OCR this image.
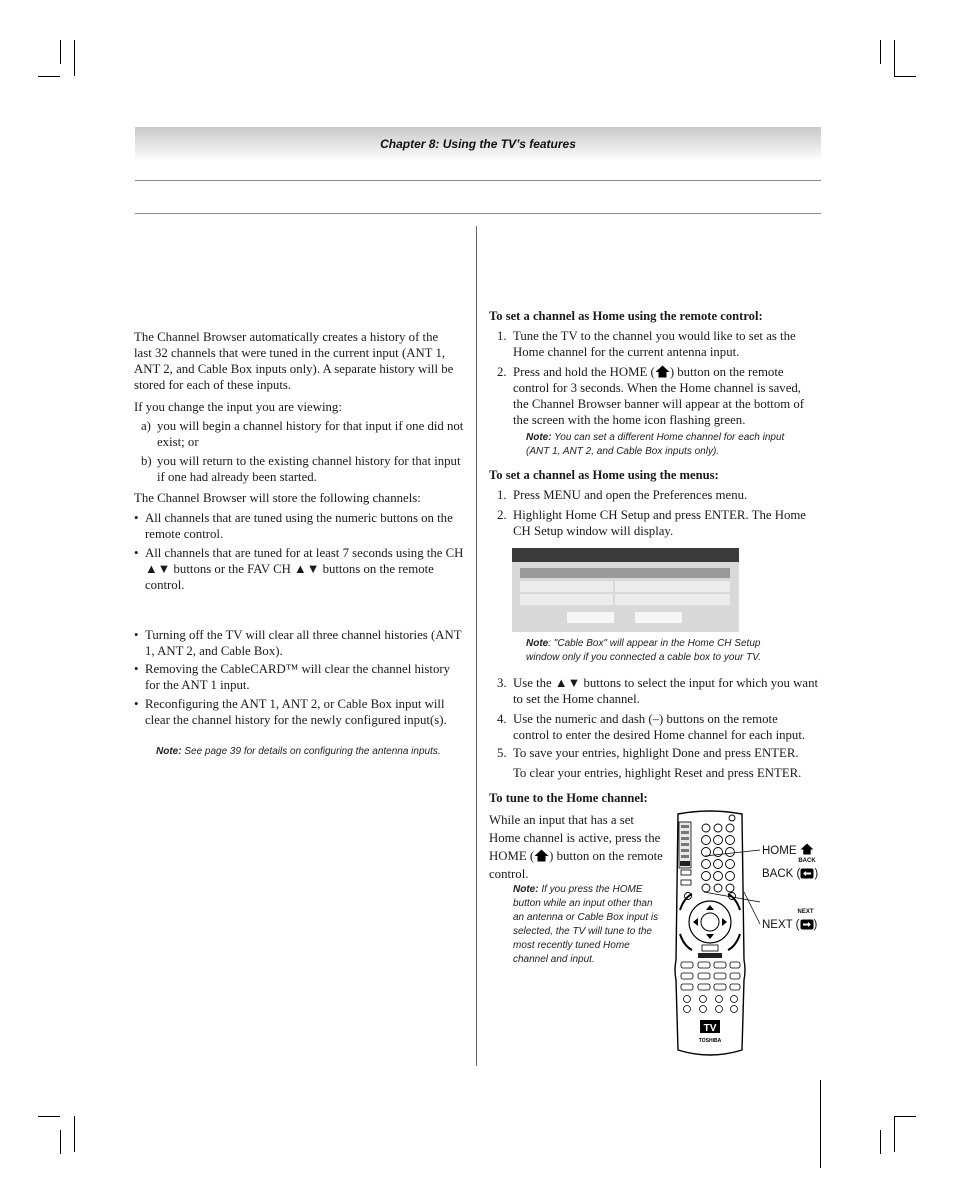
Chapter 8: Using the TV’s features
The Channel Browser automatically creates a history of the last 32 channels that were tuned in the current input (ANT 1, ANT 2, and Cable Box inputs only). A separate history will be stored for each of these inputs.
If you change the input you are viewing:
a) you will begin a channel history for that input if one did not exist; or
b) you will return to the existing channel history for that input if one had already been started.
The Channel Browser will store the following channels:
• All channels that are tuned using the numeric buttons on the remote control.
• All channels that are tuned for at least 7 seconds using the CH ▲▼ buttons or the FAV CH ▲▼ buttons on the remote control.
• Turning off the TV will clear all three channel histories (ANT 1, ANT 2, and Cable Box).
• Removing the CableCARD™ will clear the channel history for the ANT 1 input.
• Reconfiguring the ANT 1, ANT 2, or Cable Box input will clear the channel history for the newly configured input(s).
Note: See page 39 for details on configuring the antenna inputs.
To set a channel as Home using the remote control:
1. Tune the TV to the channel you would like to set as the Home channel for the current antenna input.
2. Press and hold the HOME ( ) button on the remote control for 3 seconds. When the Home channel is saved, the Channel Browser banner will appear at the bottom of the screen with the home icon flashing green.
Note: You can set a different Home channel for each input (ANT 1, ANT 2, and Cable Box inputs only).
To set a channel as Home using the menus:
1. Press MENU and open the Preferences menu.
2. Highlight Home CH Setup and press ENTER. The Home CH Setup window will display.
Note: "Cable Box" will appear in the Home CH Setup window only if you connected a cable box to your TV.
3. Use the ▲▼ buttons to select the input for which you want to set the Home channel.
4. Use the numeric and dash (–) buttons on the remote control to enter the desired Home channel for each input.
5. To save your entries, highlight Done and press ENTER.
To clear your entries, highlight Reset and press ENTER.
To tune to the Home channel:
While an input that has a set Home channel is active, press the HOME ( ) button on the remote control.
Note: If you press the HOME button while an input other than an antenna or Cable Box input is selected, the TV will tune to the most recently tuned Home channel and input.
TV
TOSHIBA
HOME
BACK (
BACK
)
NEXT (
NEXT
)
